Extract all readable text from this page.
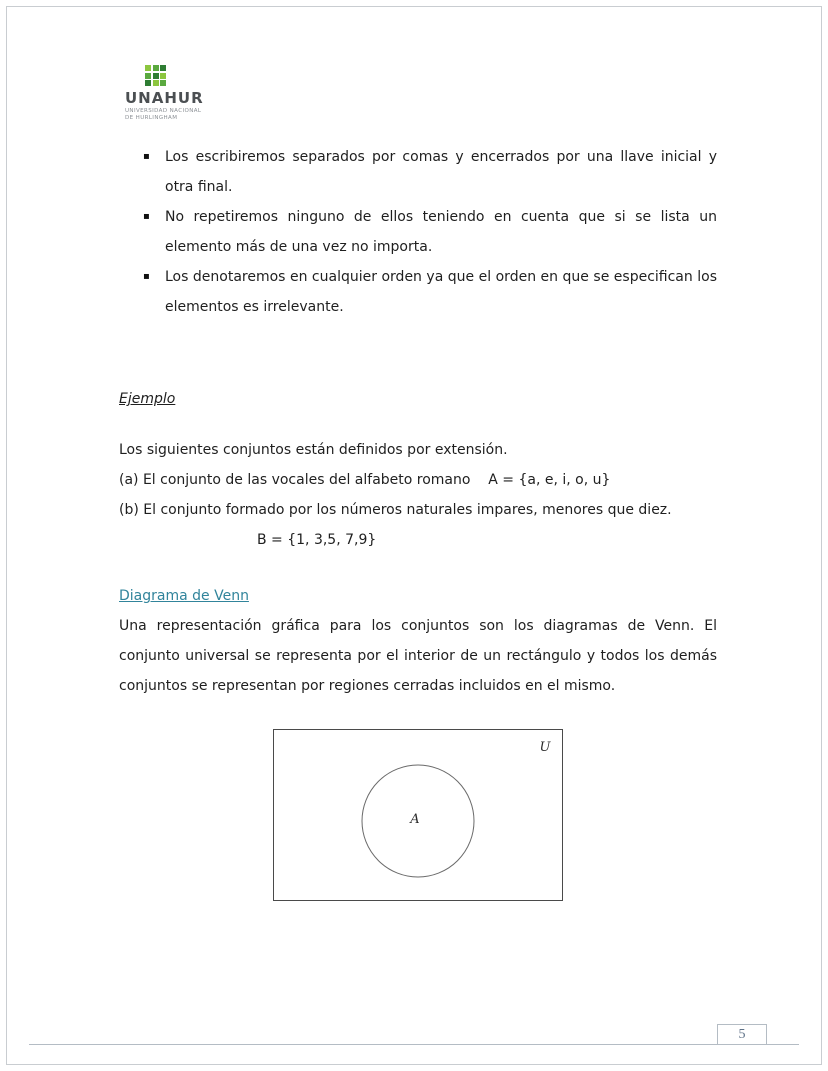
UNAHUR
UNIVERSIDAD NACIONAL
DE HURLINGHAM
▪	Los escribiremos separados por comas y encerrados por una llave inicial y otra final.
▪	No repetiremos ninguno de ellos teniendo en cuenta que si se lista un elemento más de una vez no importa.
▪	Los denotaremos en cualquier orden ya que el orden en que se especifican los elementos es irrelevante.
Ejemplo

Los siguientes conjuntos están definidos por extensión.

(a) El conjunto de las vocales del alfabeto romano    A = {a, e, i, o, u}

(b) El conjunto formado por los números naturales impares, menores que diez.

B = {1, 3,5, 7,9}

Diagrama de Venn

Una representación gráfica para los conjuntos son los diagramas de Venn. El conjunto universal se representa por el interior de un rectángulo y todos los demás conjuntos se representan por regiones cerradas incluidos en el mismo.

U
A
5
